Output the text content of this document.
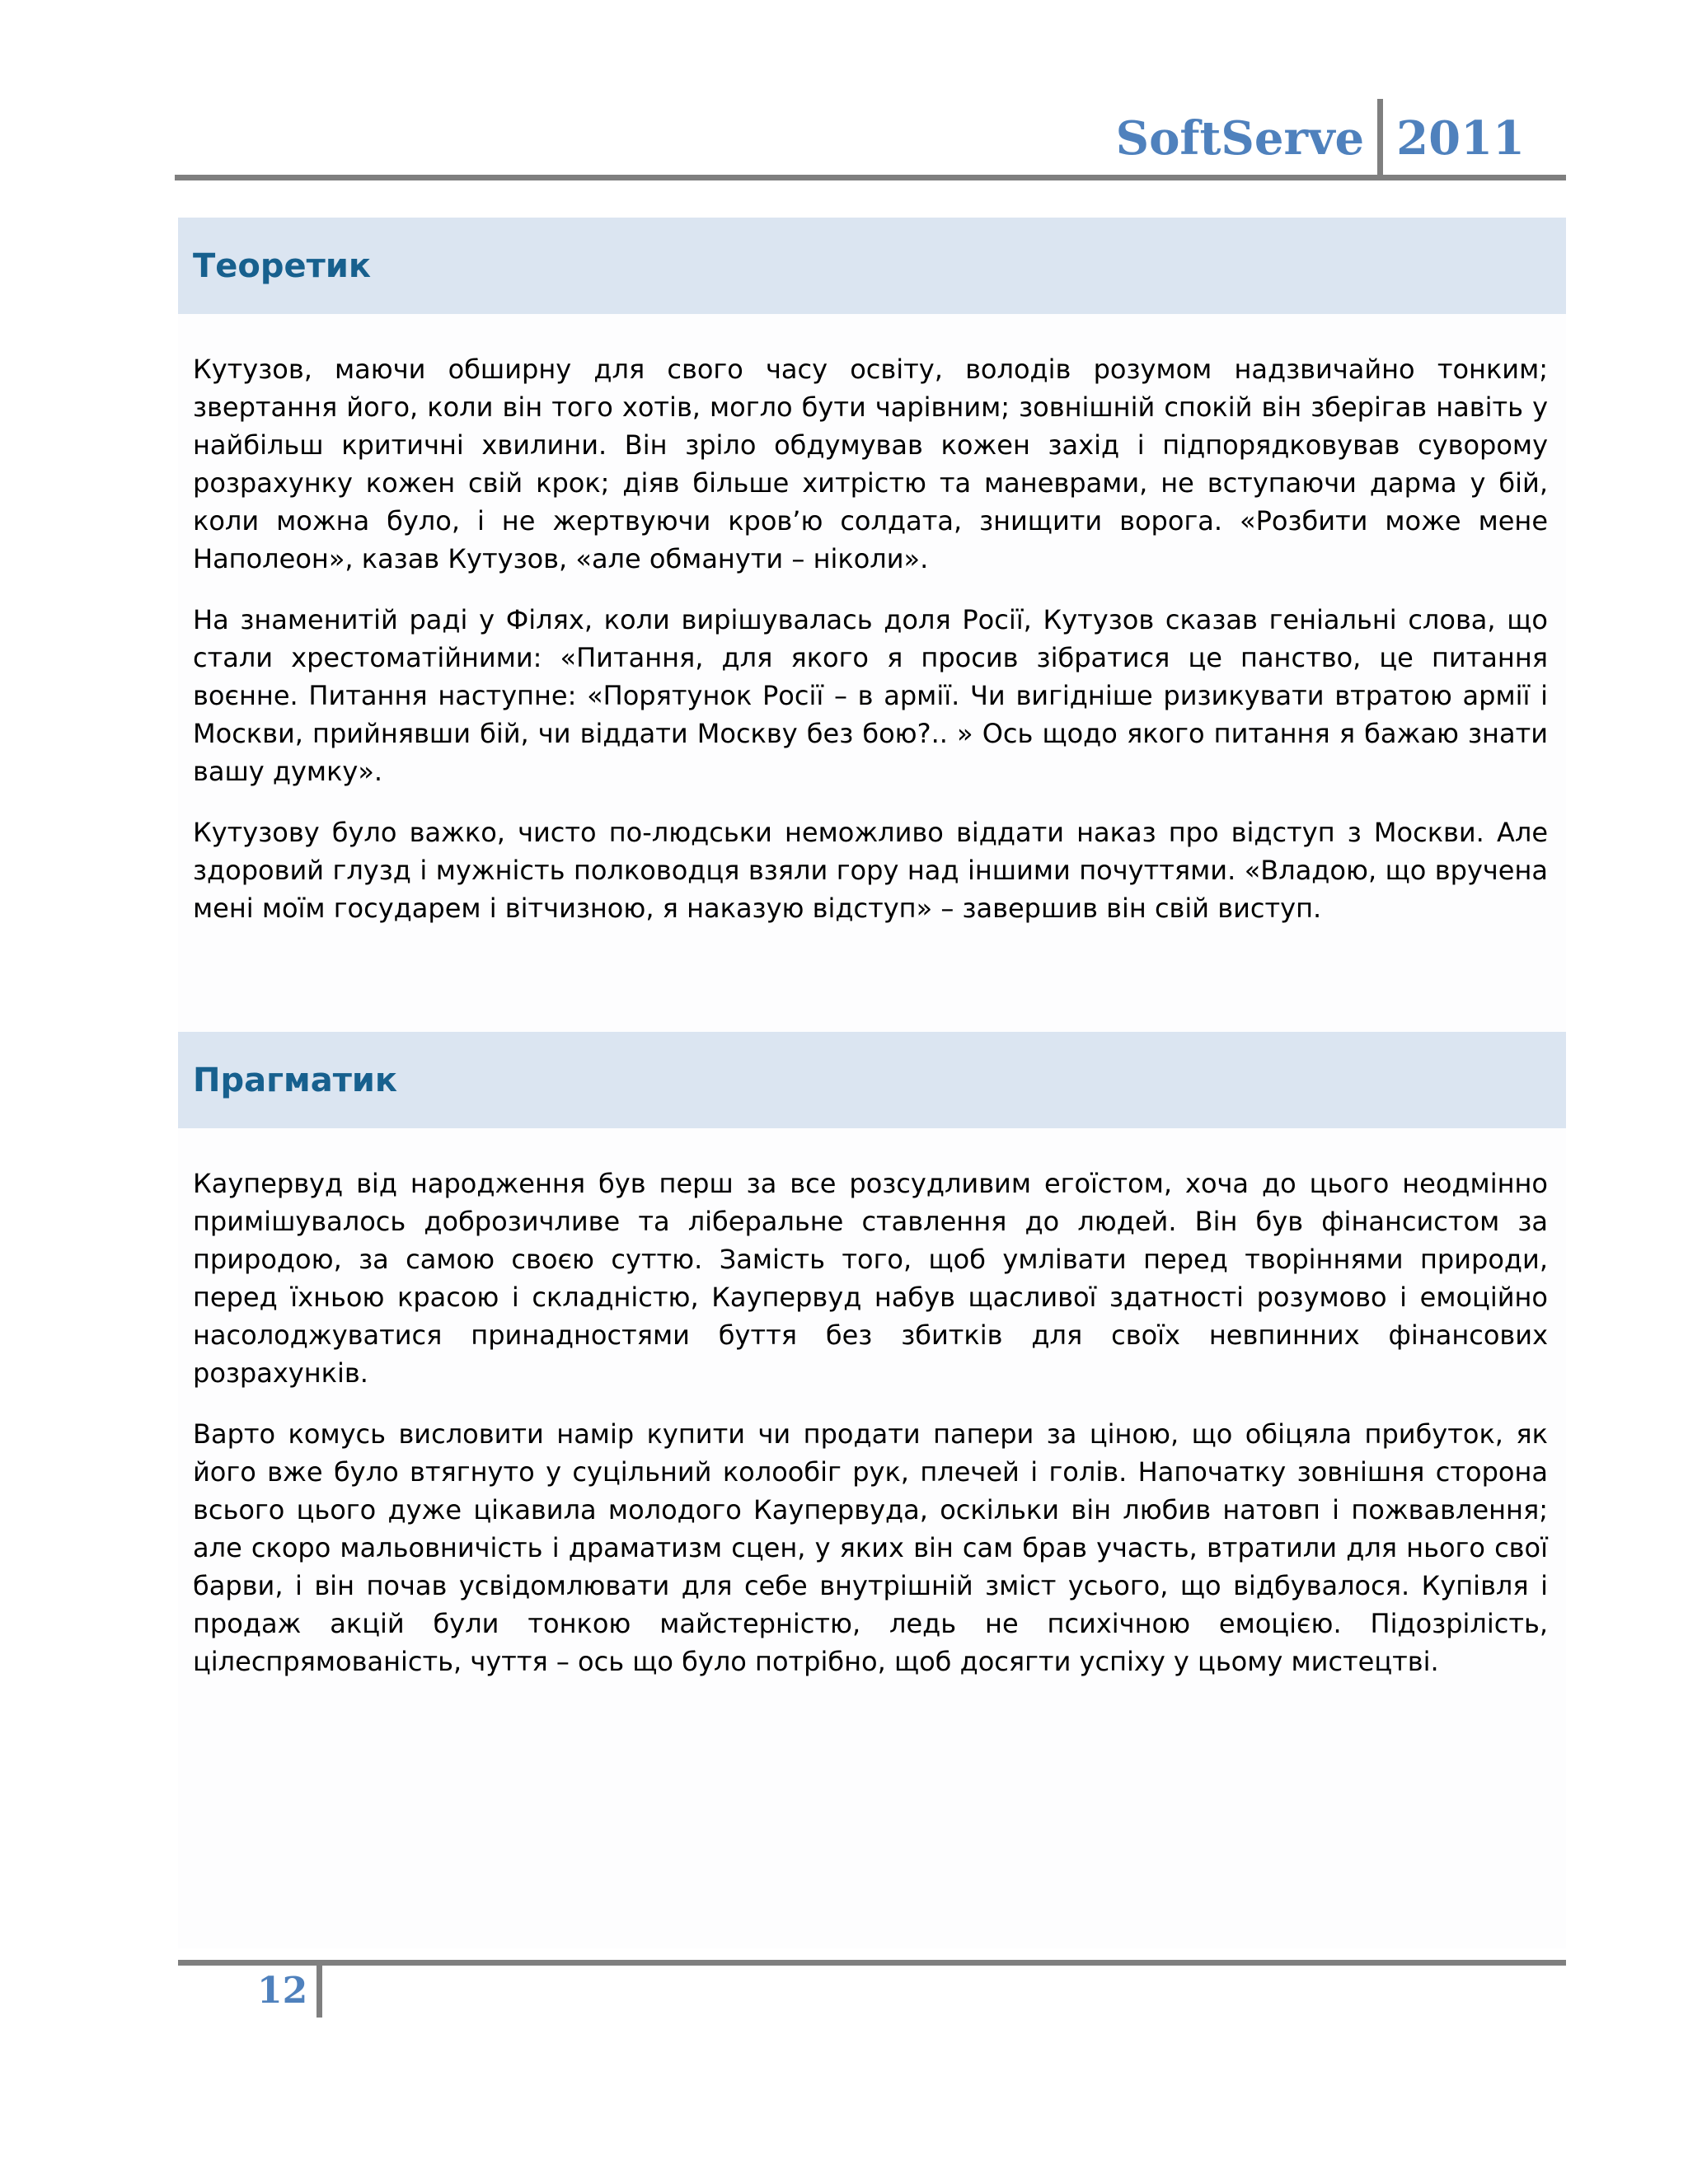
SoftServe 2011
Теоретик

Кутузов, маючи обширну для свого часу освіту, володів розумом надзвичайно тонким; звертання його, коли він того хотів, могло бути чарівним; зовнішній спокій він зберігав навіть у найбільш критичні хвилини. Він зріло обдумував кожен захід і підпорядковував суворому розрахунку кожен свій крок; діяв більше хитрістю та маневрами, не вступаючи дарма у бій, коли можна було, і не жертвуючи кров’ю солдата, знищити ворога. «Розбити може мене Наполеон», казав Кутузов, «але обманути – ніколи».

На знаменитій раді у Філях, коли вирішувалась доля Росії, Кутузов сказав геніальні слова, що стали хрестоматійними: «Питання, для якого я просив зібратися це панство, це питання воєнне. Питання наступне: «Порятунок Росії – в армії. Чи вигідніше ризикувати втратою армії і Москви, прийнявши бій, чи віддати Москву без бою?.. » Ось щодо якого питання я бажаю знати вашу думку».

Кутузову було важко, чисто по-людськи неможливо віддати наказ про відступ з Москви. Але здоровий глузд і мужність полководця взяли гору над іншими почуттями. «Владою, що вручена мені моїм государем і вітчизною, я наказую відступ» – завершив він свій виступ.

Прагматик

Каупервуд від народження був перш за все розсудливим егоїстом, хоча до цього неодмінно примішувалось доброзичливе та ліберальне ставлення до людей. Він був фінансистом за природою, за самою своєю суттю. Замість того, щоб умлівати перед творіннями природи, перед їхньою красою і складністю, Каупервуд набув щасливої здатності розумово і емоційно насолоджуватися принадностями буття без збитків для своїх невпинних фінансових розрахунків.

Варто комусь висловити намір купити чи продати папери за ціною, що обіцяла прибуток, як його вже було втягнуто у суцільний колообіг рук, плечей і голів. Напочатку зовнішня сторона всього цього дуже цікавила молодого Каупервуда, оскільки він любив натовп і пожвавлення; але скоро мальовничість і драматизм сцен, у яких він сам брав участь, втратили для нього свої барви, і він почав усвідомлювати для себе внутрішній зміст усього, що відбувалося. Купівля і продаж акцій були тонкою майстерністю, ледь не психічною емоцією. Підозрілість, цілеспрямованість, чуття – ось що було потрібно, щоб досягти успіху у цьому мистецтві.

12
